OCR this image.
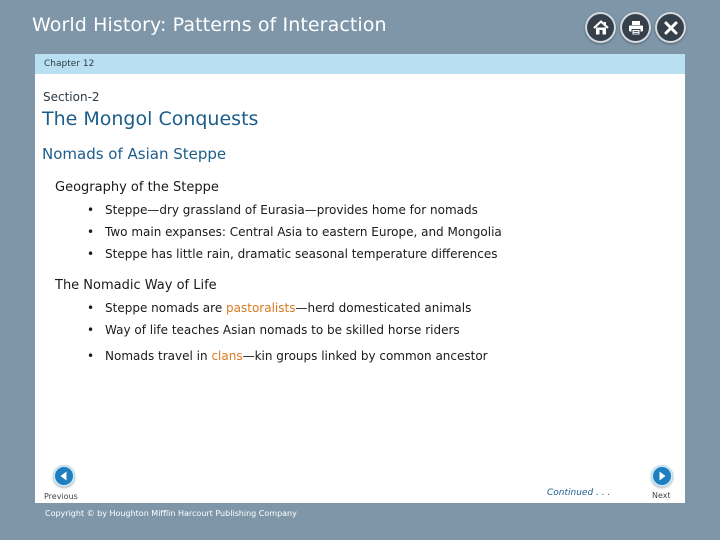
World History: Patterns of Interaction
Chapter 12
Section-2
The Mongol Conquests
Nomads of Asian Steppe
Geography of the Steppe
• Steppe—dry grassland of Eurasia—provides home for nomads
• Two main expanses: Central Asia to eastern Europe, and Mongolia
• Steppe has little rain, dramatic seasonal temperature differences
The Nomadic Way of Life
• Steppe nomads are pastoralists—herd domesticated animals
• Way of life teaches Asian nomads to be skilled horse riders
• Nomads travel in clans—kin groups linked by common ancestor
Previous	Continued . . .	Next
Copyright © by Houghton Mifflin Harcourt Publishing Company
